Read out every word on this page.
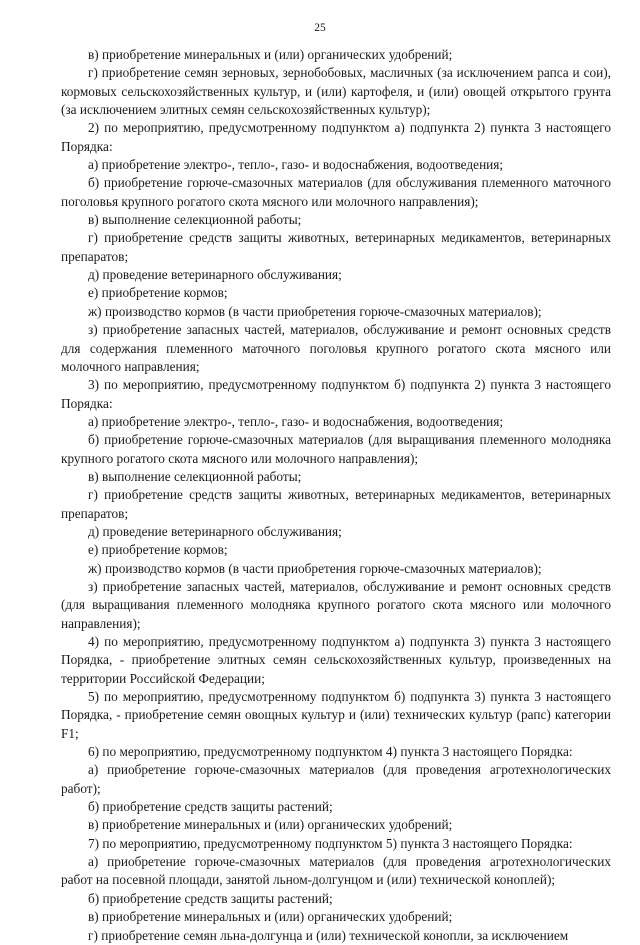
25

в) приобретение минеральных и (или) органических удобрений;

г) приобретение семян зерновых, зернобобовых, масличных (за исключением рапса и сои), кормовых сельскохозяйственных культур, и (или) картофеля, и (или) овощей открытого грунта (за исключением элитных семян сельскохозяйственных культур);

2) по мероприятию, предусмотренному подпунктом а) подпункта 2) пункта 3 настоящего Порядка:

а) приобретение электро-, тепло-, газо- и водоснабжения, водоотведения;

б) приобретение горюче-смазочных материалов (для обслуживания племенного маточного поголовья крупного рогатого скота мясного или молочного направления);

в) выполнение селекционной работы;

г) приобретение средств защиты животных, ветеринарных медикаментов, ветеринарных препаратов;

д) проведение ветеринарного обслуживания;

е) приобретение кормов;

ж) производство кормов (в части приобретения горюче-смазочных материалов);

з) приобретение запасных частей, материалов, обслуживание и ремонт основных средств для содержания племенного маточного поголовья крупного рогатого скота мясного или молочного направления;

3) по мероприятию, предусмотренному подпунктом б) подпункта 2) пункта 3 настоящего Порядка:

а) приобретение электро-, тепло-, газо- и водоснабжения, водоотведения;

б) приобретение горюче-смазочных материалов (для выращивания племенного молодняка крупного рогатого скота мясного или молочного направления);

в) выполнение селекционной работы;

г) приобретение средств защиты животных, ветеринарных медикаментов, ветеринарных препаратов;

д) проведение ветеринарного обслуживания;

е) приобретение кормов;

ж) производство кормов (в части приобретения горюче-смазочных материалов);

з) приобретение запасных частей, материалов, обслуживание и ремонт основных средств (для выращивания племенного молодняка крупного рогатого скота мясного или молочного направления);

4) по мероприятию, предусмотренному подпунктом а) подпункта 3) пункта 3 настоящего Порядка, - приобретение элитных семян сельскохозяйственных культур, произведенных на территории Российской Федерации;

5) по мероприятию, предусмотренному подпунктом б) подпункта 3) пункта 3 настоящего Порядка, - приобретение семян овощных культур и (или) технических культур (рапс) категории F1;

6) по мероприятию, предусмотренному подпунктом 4) пункта 3 настоящего Порядка:

а) приобретение горюче-смазочных материалов (для проведения агротехнологических работ);

б) приобретение средств защиты растений;

в) приобретение минеральных и (или) органических удобрений;

7) по мероприятию, предусмотренному подпунктом 5) пункта 3 настоящего Порядка:

а) приобретение горюче-смазочных материалов (для проведения агротехнологических работ на посевной площади, занятой льном-долгунцом и (или) технической коноплей);

б) приобретение средств защиты растений;

в) приобретение минеральных и (или) органических удобрений;

г) приобретение семян льна-долгунца и (или) технической конопли, за исключением
